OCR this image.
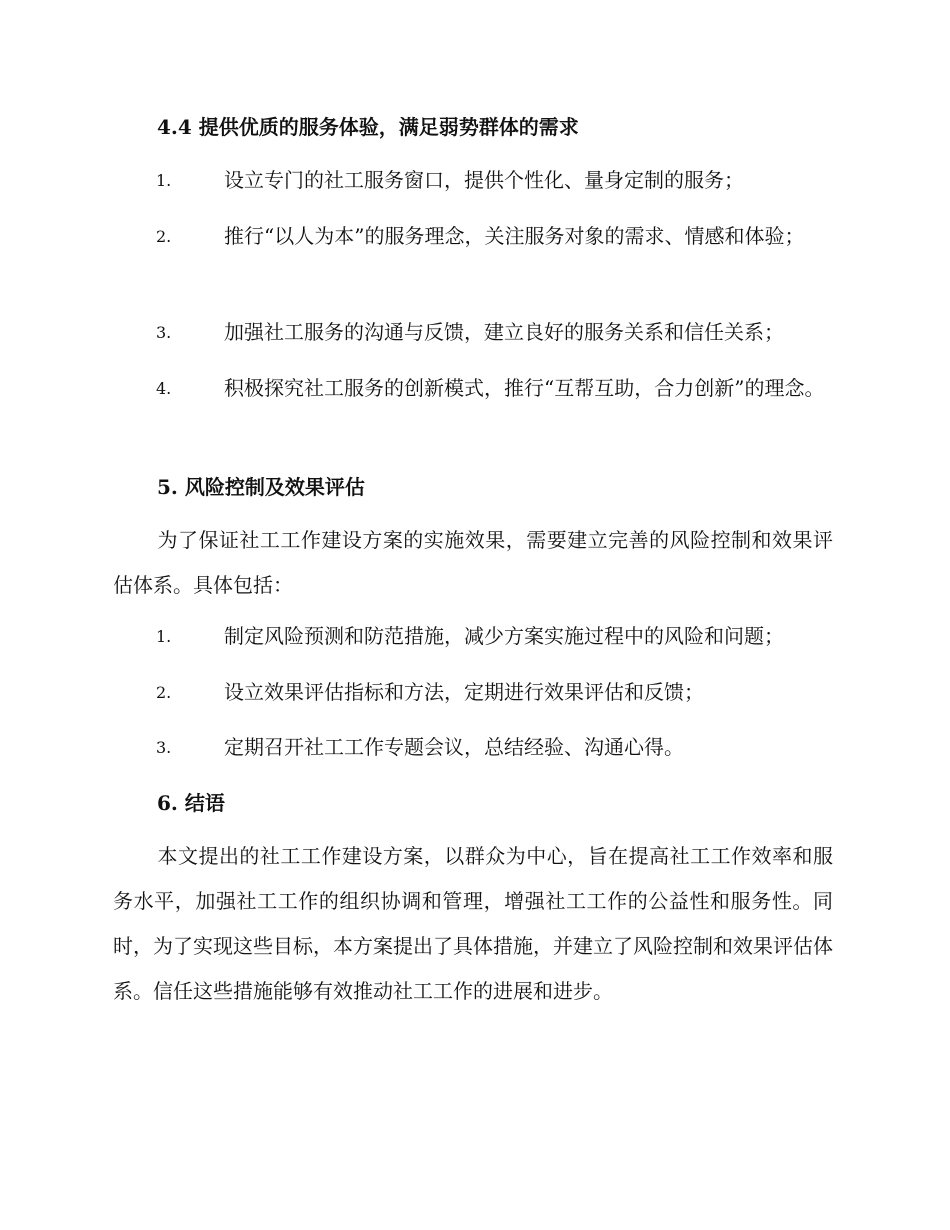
4.4 提供优质的服务体验，满足弱势群体的需求
1.	设立专门的社工服务窗口，提供个性化、量身定制的服务；
2.	推行“以人为本”的服务理念，关注服务对象的需求、情感和体验；
3.	加强社工服务的沟通与反馈，建立良好的服务关系和信任关系；
4.	积极探究社工服务的创新模式，推行“互帮互助，合力创新”的理念。
5. 风险控制及效果评估
为了保证社工工作建设方案的实施效果，需要建立完善的风险控制和效果评估体系。具体包括：
1.	制定风险预测和防范措施，减少方案实施过程中的风险和问题；
2.	设立效果评估指标和方法，定期进行效果评估和反馈；
3.	定期召开社工工作专题会议，总结经验、沟通心得。
6. 结语
本文提出的社工工作建设方案，以群众为中心，旨在提高社工工作效率和服务水平，加强社工工作的组织协调和管理，增强社工工作的公益性和服务性。同时，为了实现这些目标，本方案提出了具体措施，并建立了风险控制和效果评估体系。信任这些措施能够有效推动社工工作的进展和进步。
